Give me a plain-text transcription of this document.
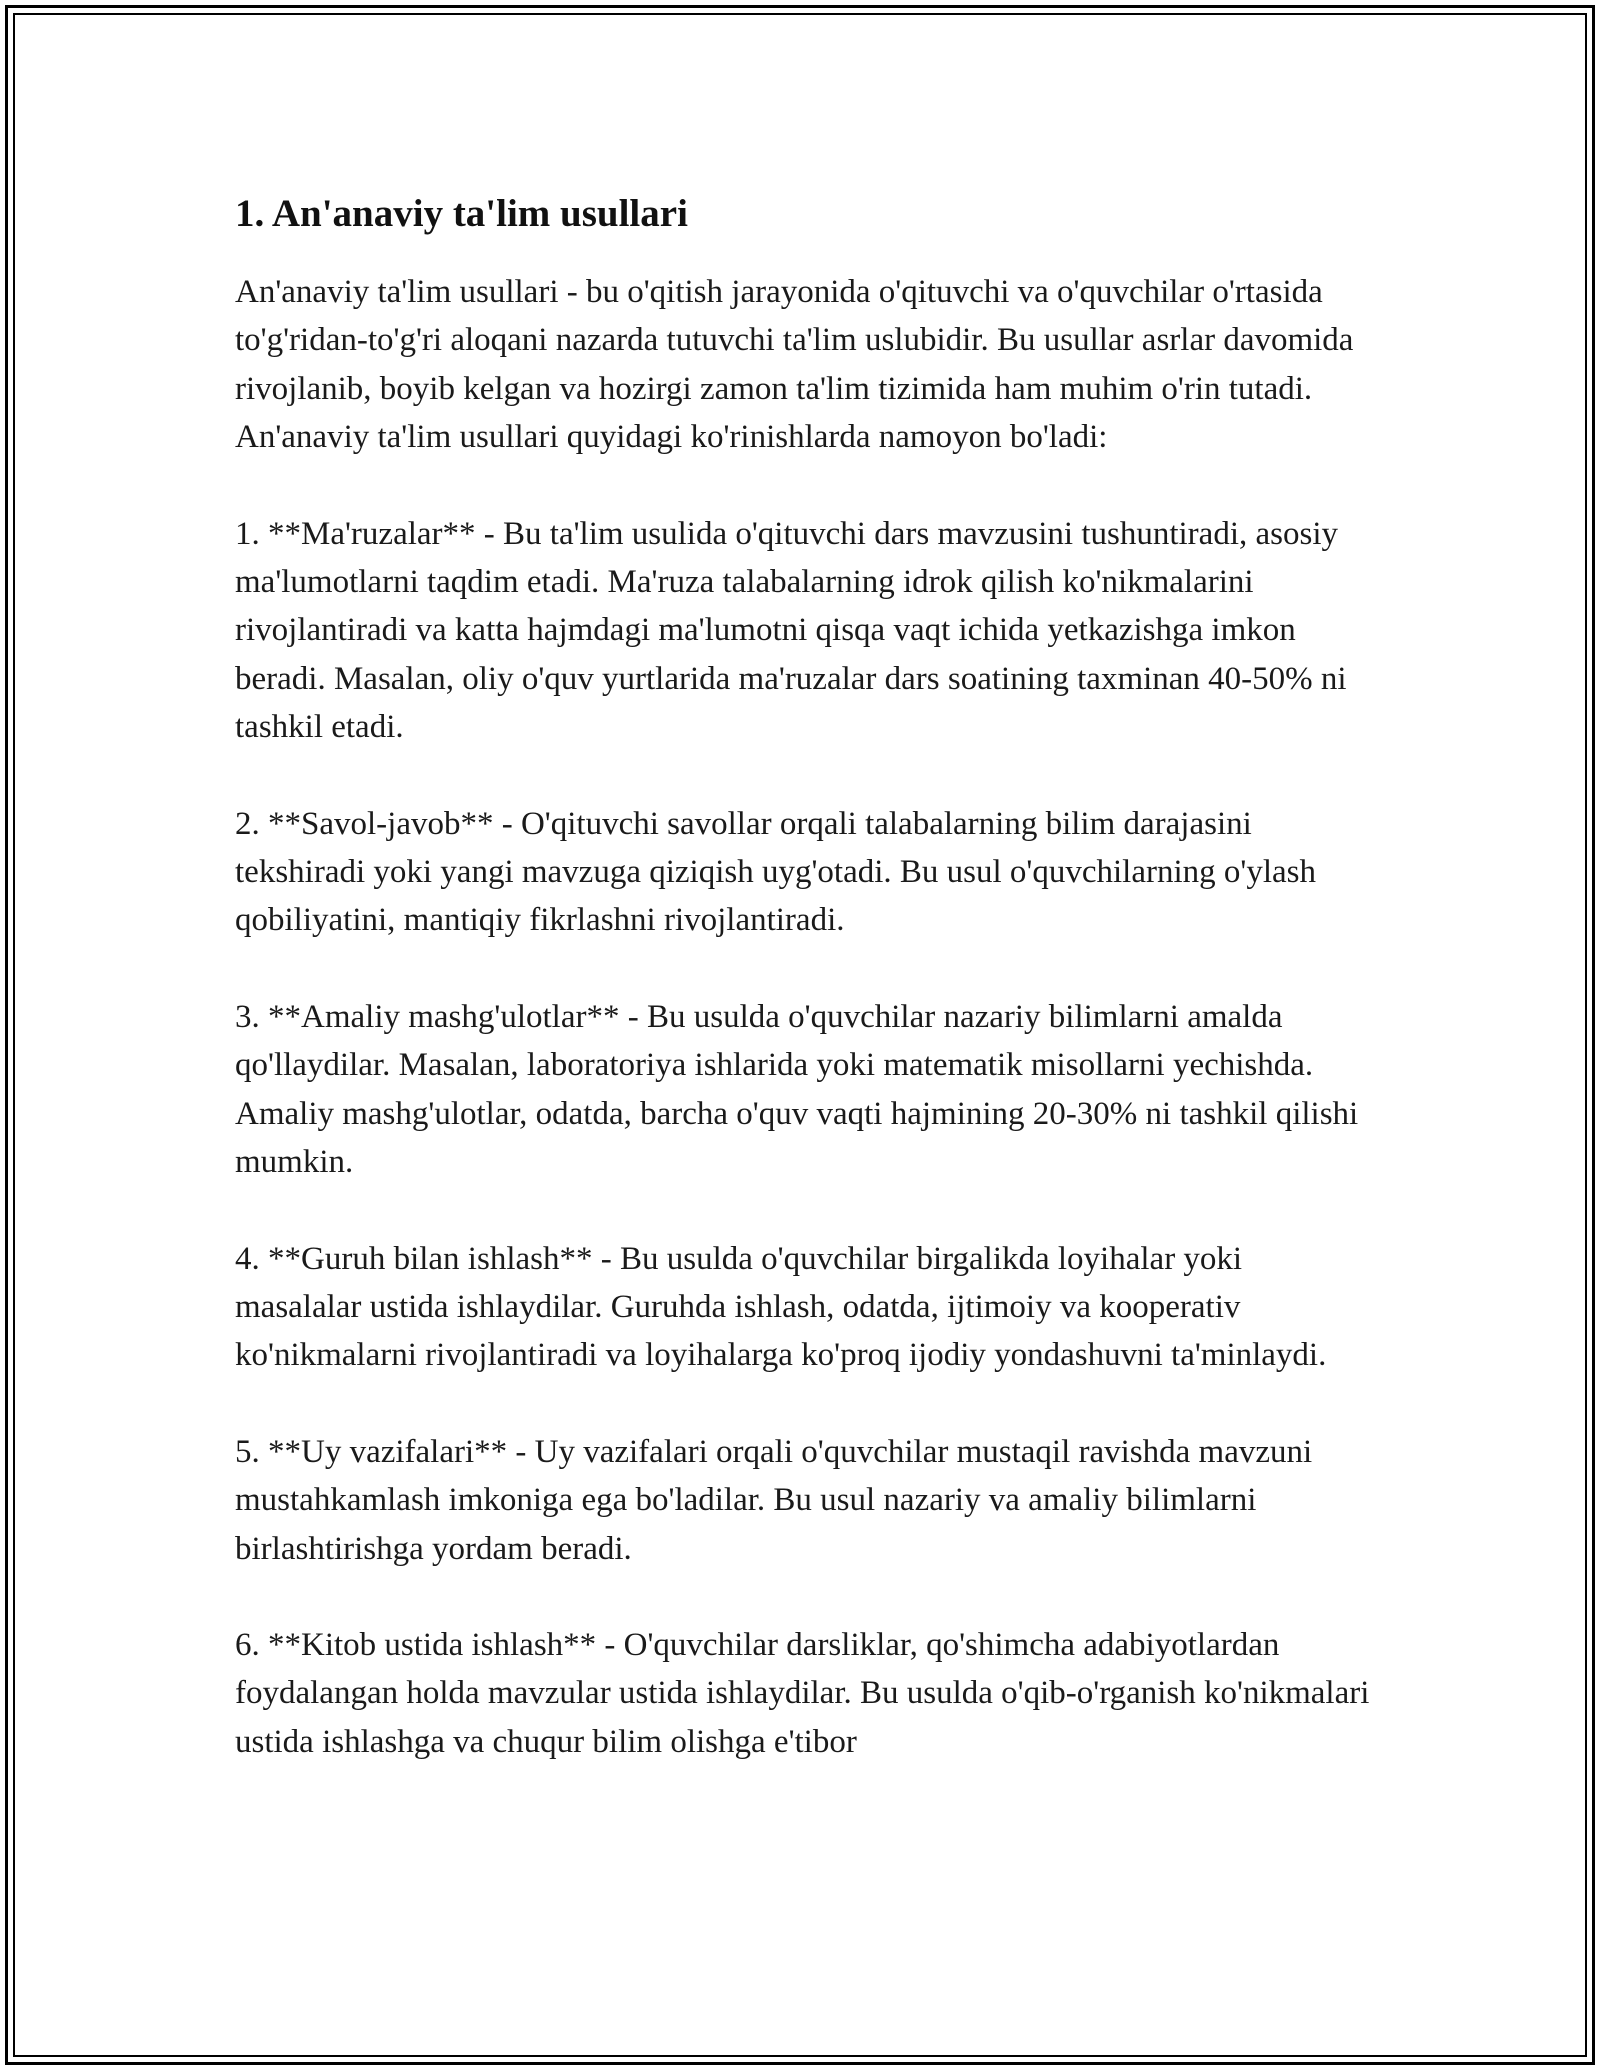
1. An'anaviy ta'lim usullari

An'anaviy ta'lim usullari - bu o'qitish jarayonida o'qituvchi va o'quvchilar o'rtasida to'g'ridan-to'g'ri aloqani nazarda tutuvchi ta'lim uslubidir. Bu usullar asrlar davomida rivojlanib, boyib kelgan va hozirgi zamon ta'lim tizimida ham muhim o'rin tutadi. An'anaviy ta'lim usullari quyidagi ko'rinishlarda namoyon bo'ladi:

1. **Ma'ruzalar** - Bu ta'lim usulida o'qituvchi dars mavzusini tushuntiradi, asosiy ma'lumotlarni taqdim etadi. Ma'ruza talabalarning idrok qilish ko'nikmalarini rivojlantiradi va katta hajmdagi ma'lumotni qisqa vaqt ichida yetkazishga imkon beradi. Masalan, oliy o'quv yurtlarida ma'ruzalar dars soatining taxminan 40-50% ni tashkil etadi.

2. **Savol-javob** - O'qituvchi savollar orqali talabalarning bilim darajasini tekshiradi yoki yangi mavzuga qiziqish uyg'otadi. Bu usul o'quvchilarning o'ylash qobiliyatini, mantiqiy fikrlashni rivojlantiradi.

3. **Amaliy mashg'ulotlar** - Bu usulda o'quvchilar nazariy bilimlarni amalda qo'llaydilar. Masalan, laboratoriya ishlarida yoki matematik misollarni yechishda. Amaliy mashg'ulotlar, odatda, barcha o'quv vaqti hajmining 20-30% ni tashkil qilishi mumkin.

4. **Guruh bilan ishlash** - Bu usulda o'quvchilar birgalikda loyihalar yoki masalalar ustida ishlaydilar. Guruhda ishlash, odatda, ijtimoiy va kooperativ ko'nikmalarni rivojlantiradi va loyihalarga ko'proq ijodiy yondashuvni ta'minlaydi.

5. **Uy vazifalari** - Uy vazifalari orqali o'quvchilar mustaqil ravishda mavzuni mustahkamlash imkoniga ega bo'ladilar. Bu usul nazariy va amaliy bilimlarni birlashtirishga yordam beradi.

6. **Kitob ustida ishlash** - O'quvchilar darsliklar, qo'shimcha adabiyotlardan foydalangan holda mavzular ustida ishlaydilar. Bu usulda o'qib-o'rganish ko'nikmalari ustida ishlashga va chuqur bilim olishga e'tibor
